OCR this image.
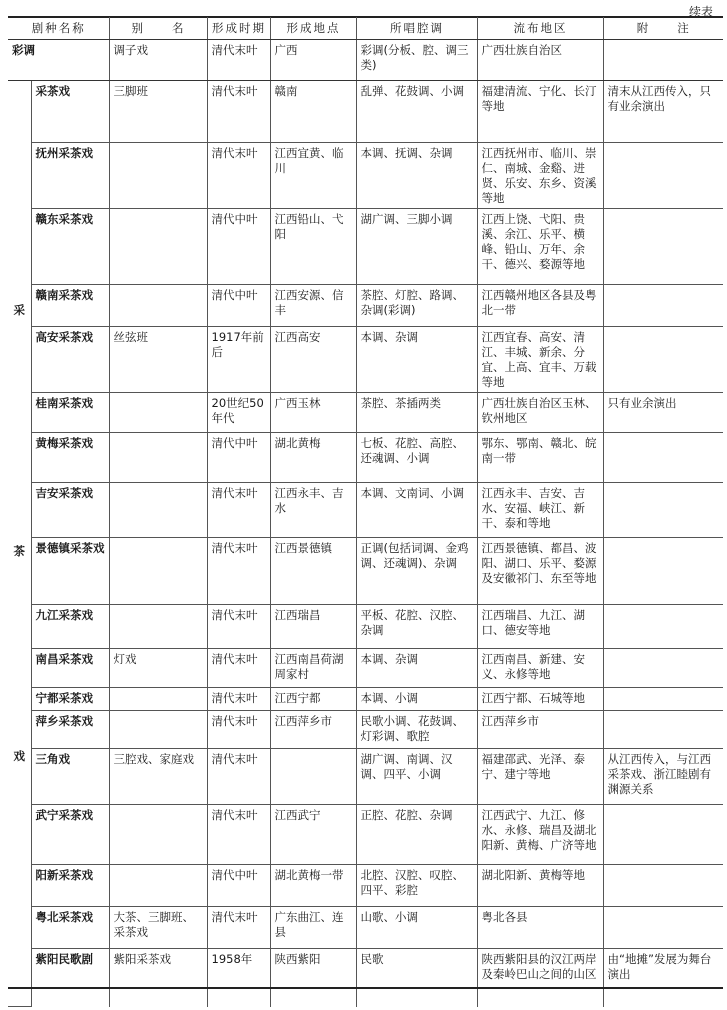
续表
剧种名称		别　　名	形成时期	形成地点	所唱腔调	流布地区	附　　注
彩调		调子戏	清代末叶	广西	彩调(分板、腔、调三类)	广西壮族自治区	

采
茶
戏	采茶戏	三脚班	清代末叶	赣南	乱弹、花鼓调、小调	福建清流、宁化、长汀等地	清末从江西传入，只有业余演出
	抚州采茶戏		清代末叶	江西宜黄、临川	本调、抚调、杂调	江西抚州市、临川、崇仁、南城、金谿、进贤、乐安、东乡、资溪等地	
	赣东采茶戏		清代中叶	江西铅山、弋阳	湖广调、三脚小调	江西上饶、弋阳、贵溪、余江、乐平、横峰、铅山、万年、余干、德兴、婺源等地	
	赣南采茶戏		清代中叶	江西安源、信丰	茶腔、灯腔、路调、杂调(彩调)	江西赣州地区各县及粤北一带	
	高安采茶戏	丝弦班	1917年前后	江西高安	本调、杂调	江西宜春、高安、清江、丰城、新余、分宜、上高、宜丰、万载等地	
	桂南采茶戏		20世纪50年代	广西玉林	茶腔、茶插两类	广西壮族自治区玉林、钦州地区	只有业余演出
	黄梅采茶戏		清代中叶	湖北黄梅	七板、花腔、高腔、还魂调、小调	鄂东、鄂南、赣北、皖南一带	
	吉安采茶戏		清代末叶	江西永丰、吉水	本调、文南词、小调	江西永丰、吉安、吉水、安福、峡江、新干、泰和等地	
	景德镇采茶戏		清代末叶	江西景德镇	正调(包括词调、金鸡调、还魂调)、杂调	江西景德镇、都昌、波阳、湖口、乐平、婺源及安徽祁门、东至等地	
	九江采茶戏		清代末叶	江西瑞昌	平板、花腔、汉腔、杂调	江西瑞昌、九江、湖口、德安等地	
	南昌采茶戏	灯戏	清代末叶	江西南昌荷湖周家村	本调、杂调	江西南昌、新建、安义、永修等地	
	宁都采茶戏		清代末叶	江西宁都	本调、小调	江西宁都、石城等地	
	萍乡采茶戏		清代末叶	江西萍乡市	民歌小调、花鼓调、灯彩调、歌腔	江西萍乡市	
	三角戏	三腔戏、家庭戏	清代末叶		湖广调、南调、汉调、四平、小调	福建邵武、光泽、泰宁、建宁等地	从江西传入，与江西采茶戏、浙江睦剧有渊源关系
	武宁采茶戏		清代末叶	江西武宁	正腔、花腔、杂调	江西武宁、九江、修水、永修、瑞昌及湖北阳新、黄梅、广济等地	
	阳新采茶戏		清代中叶	湖北黄梅一带	北腔、汉腔、叹腔、四平、彩腔	湖北阳新、黄梅等地	
	粤北采茶戏	大茶、三脚班、采茶戏	清代末叶	广东曲江、连县	山歌、小调	粤北各县	
	紫阳民歌剧	紫阳采茶戏	1958年	陕西紫阳	民歌	陕西紫阳县的汉江两岸及秦岭巴山之间的山区	由“地摊”发展为舞台演出
